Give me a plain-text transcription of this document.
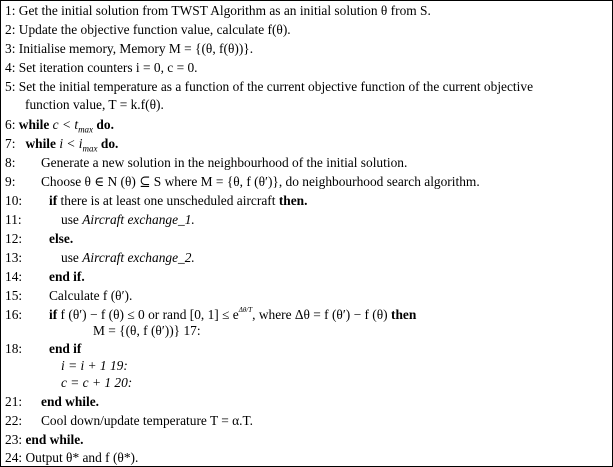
1: Get the initial solution from TWST Algorithm as an initial solution θ from S.
2: Update the objective function value, calculate f(θ).
3: Initialise memory, Memory M = {(θ, f(θ))}.
4: Set iteration counters i = 0, c = 0.
5: Set the initial temperature as a function of the current objective function of the current objective
function value, T = k.f(θ).
6: while $c < t_{max}$ do.
7: while $i < i_{max}$ do.
8: Generate a new solution in the neighbourhood of the initial solution.
9: Choose θ ∈ N (θ) ⊆ S where M = {θ, f (θ′)}, do neighbourhood search algorithm.
10: if there is at least one unscheduled aircraft then.
11:	use Aircraft exchange_1.
12: else.
13:	use Aircraft exchange_2.
14: end if.
15: Calculate f (θ′).
16: if f (θ′) − f (θ) ≤ 0 or rand [0, 1] ≤ eΔθ/T, where Δθ = f (θ′) − f (θ) then
M = {(θ, f (θ′))} 17:
18: end if
i = i + 1 19:
c = c + 1 20:
21: end while.
22: Cool down/update temperature T = α.T.
23: end while.
24: Output θ* and f (θ*).
